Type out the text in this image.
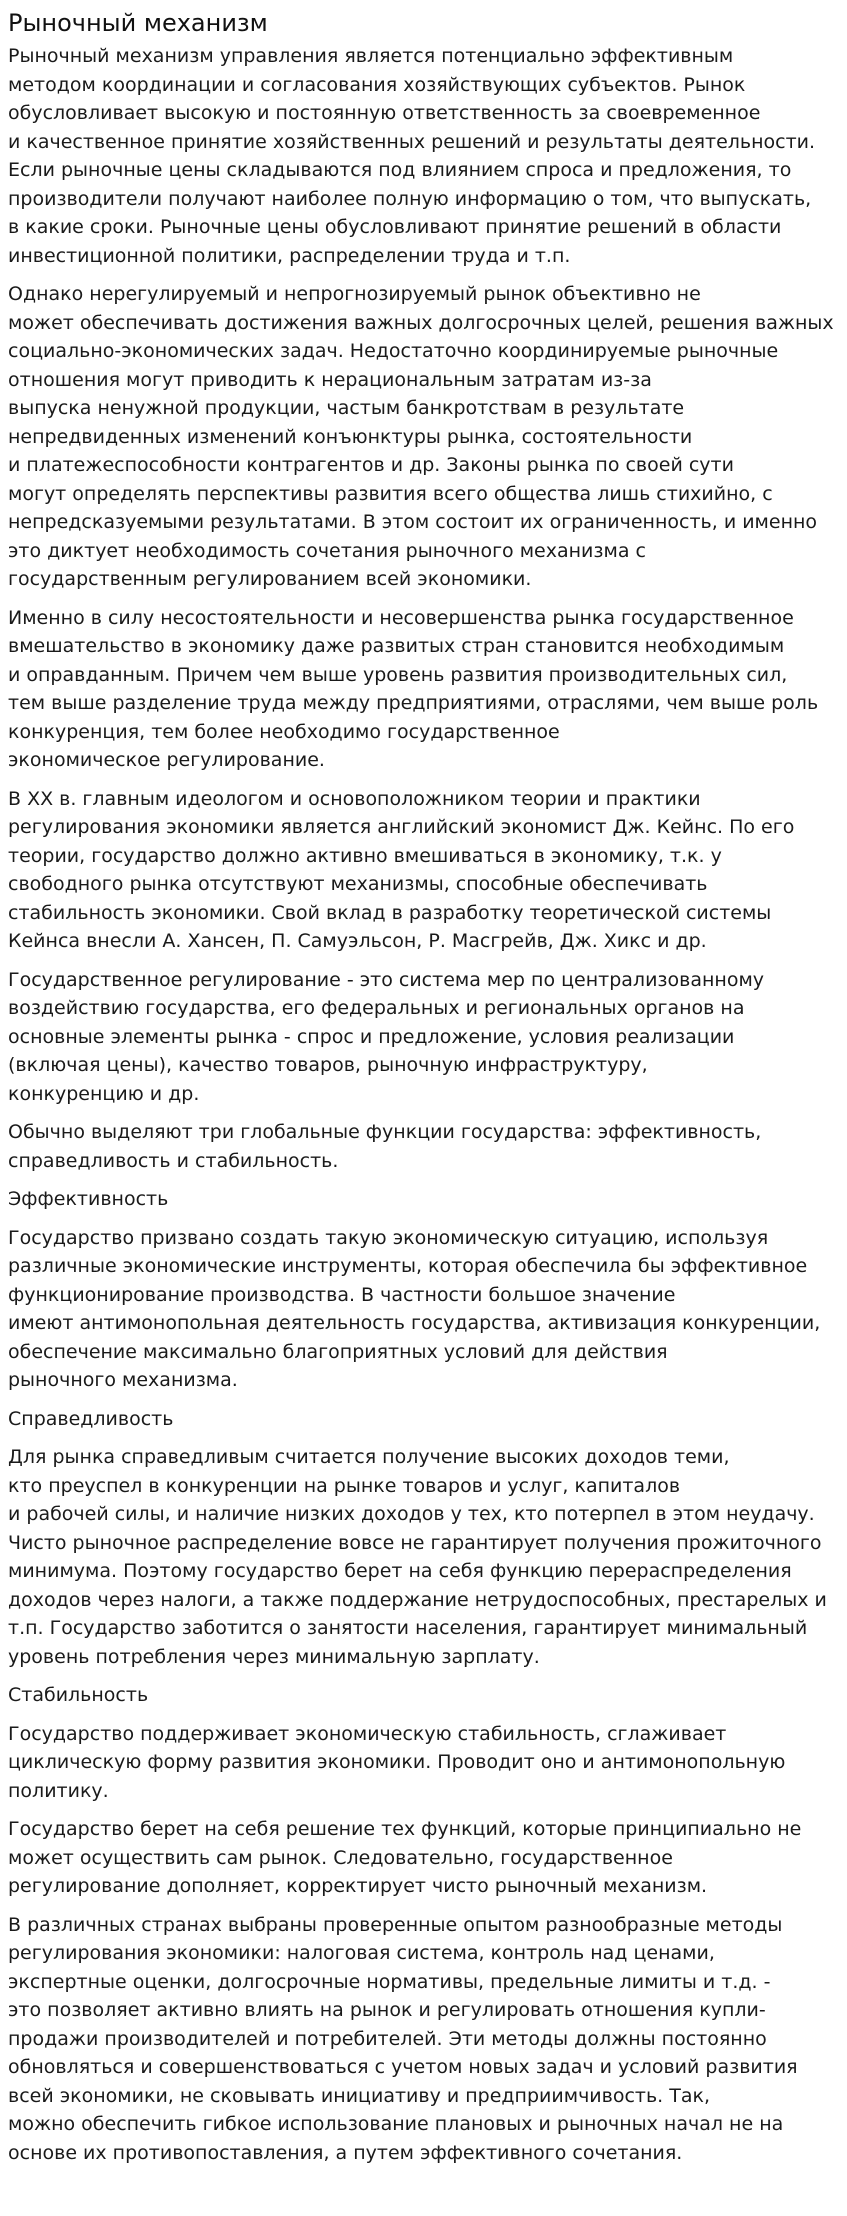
Рыночный механизм

Рыночный механизм управления является потенциально эффективным
методом координации и согласования хозяйствующих субъектов. Рынок
обусловливает высокую и постоянную ответственность за своевременное
и качественное принятие хозяйственных решений и результаты деятельности.
Если рыночные цены складываются под влиянием спроса и предложения, то
производители получают наиболее полную информацию о том, что выпускать,
в какие сроки. Рыночные цены обусловливают принятие решений в области
инвестиционной политики, распределении труда и т.п.

Однако нерегулируемый и непрогнозируемый рынок объективно не
может обеспечивать достижения важных долгосрочных целей, решения важных
социально-экономических задач. Недостаточно координируемые рыночные
отношения могут приводить к нерациональным затратам из-за
выпуска ненужной продукции, частым банкротствам в результате
непредвиденных изменений конъюнктуры рынка, состоятельности
и платежеспособности контрагентов и др. Законы рынка по своей сути
могут определять перспективы развития всего общества лишь стихийно, с
непредсказуемыми результатами. В этом состоит их ограниченность, и именно
это диктует необходимость сочетания рыночного механизма с
государственным регулированием всей экономики.

Именно в силу несостоятельности и несовершенства рынка государственное
вмешательство в экономику даже развитых стран становится необходимым
и оправданным. Причем чем выше уровень развития производительных сил,
тем выше разделение труда между предприятиями, отраслями, чем выше роль
конкуренция, тем более необходимо государственное
экономическое регулирование.

В XX в. главным идеологом и основоположником теории и практики
регулирования экономики является английский экономист Дж. Кейнс. По его
теории, государство должно активно вмешиваться в экономику, т.к. у
свободного рынка отсутствуют механизмы, способные обеспечивать
стабильность экономики. Свой вклад в разработку теоретической системы
Кейнса внесли А. Хансен, П. Самуэльсон, Р. Масгрейв, Дж. Хикс и др.

Государственное регулирование - это система мер по централизованному
воздействию государства, его федеральных и региональных органов на
основные элементы рынка - спрос и предложение, условия реализации
(включая цены), качество товаров, рыночную инфраструктуру,
конкуренцию и др.

Обычно выделяют три глобальные функции государства: эффективность,
справедливость и стабильность.

Эффективность

Государство призвано создать такую экономическую ситуацию, используя
различные экономические инструменты, которая обеспечила бы эффективное
функционирование производства. В частности большое значение
имеют антимонопольная деятельность государства, активизация конкуренции,
обеспечение максимально благоприятных условий для действия
рыночного механизма.

Справедливость

Для рынка справедливым считается получение высоких доходов теми,
кто преуспел в конкуренции на рынке товаров и услуг, капиталов
и рабочей силы, и наличие низких доходов у тех, кто потерпел в этом неудачу.
Чисто рыночное распределение вовсе не гарантирует получения прожиточного
минимума. Поэтому государство берет на себя функцию перераспределения
доходов через налоги, а также поддержание нетрудоспособных, престарелых и
т.п. Государство заботится о занятости населения, гарантирует минимальный
уровень потребления через минимальную зарплату.

Стабильность

Государство поддерживает экономическую стабильность, сглаживает
циклическую форму развития экономики. Проводит оно и антимонопольную
политику.

Государство берет на себя решение тех функций, которые принципиально не
может осуществить сам рынок. Следовательно, государственное
регулирование дополняет, корректирует чисто рыночный механизм.

В различных странах выбраны проверенные опытом разнообразные методы
регулирования экономики: налоговая система, контроль над ценами,
экспертные оценки, долгосрочные нормативы, предельные лимиты и т.д. -
это позволяет активно влиять на рынок и регулировать отношения купли-
продажи производителей и потребителей. Эти методы должны постоянно
обновляться и совершенствоваться с учетом новых задач и условий развития
всей экономики, не сковывать инициативу и предприимчивость. Так,
можно обеспечить гибкое использование плановых и рыночных начал не на
основе их противопоставления, а путем эффективного сочетания.
